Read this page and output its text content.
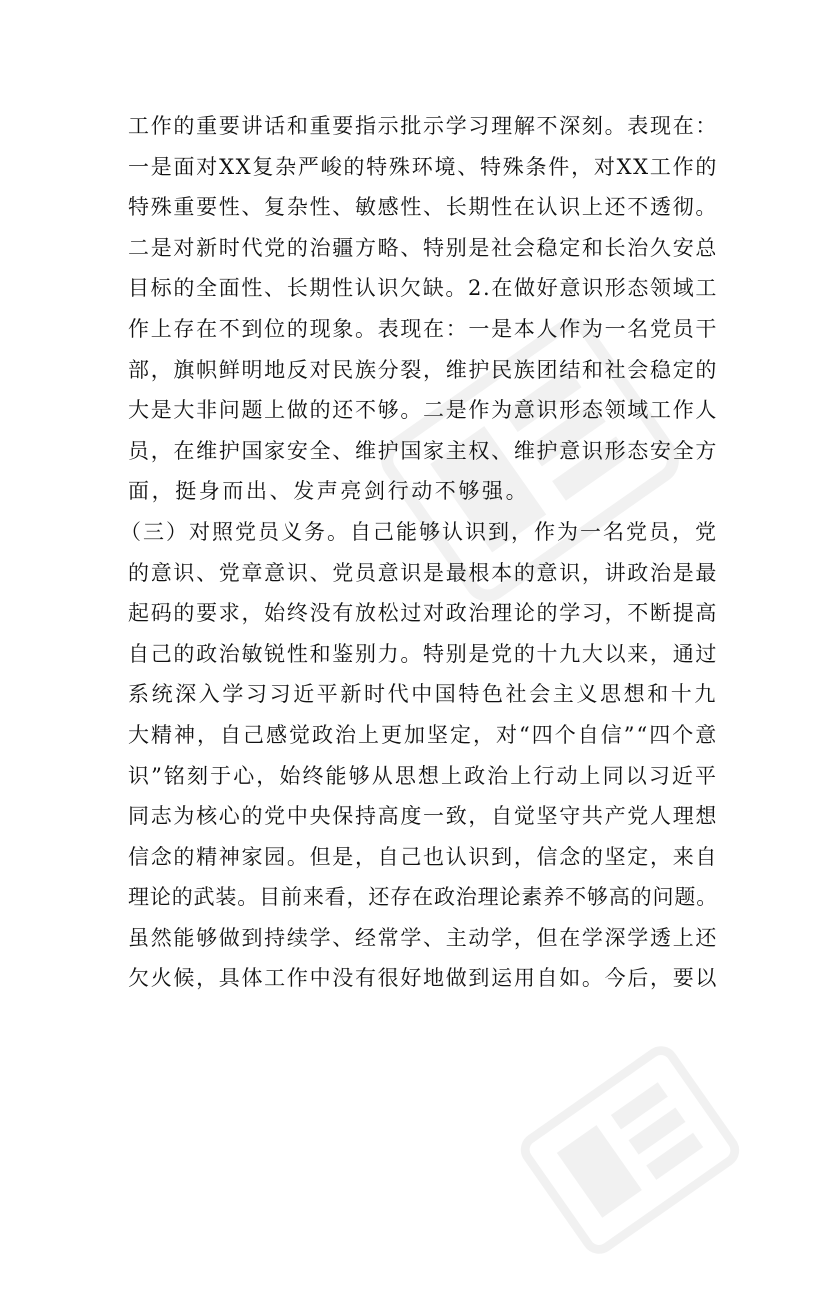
工作的重要讲话和重要指示批示学习理解不深刻。表现在：
一是面对XX复杂严峻的特殊环境、特殊条件，对XX工作的
特殊重要性、复杂性、敏感性、长期性在认识上还不透彻。
二是对新时代党的治疆方略、特别是社会稳定和长治久安总
目标的全面性、长期性认识欠缺。2.在做好意识形态领域工
作上存在不到位的现象。表现在：一是本人作为一名党员干
部，旗帜鲜明地反对民族分裂，维护民族团结和社会稳定的
大是大非问题上做的还不够。二是作为意识形态领域工作人
员，在维护国家安全、维护国家主权、维护意识形态安全方
面，挺身而出、发声亮剑行动不够强。
（三）对照党员义务。自己能够认识到，作为一名党员，党
的意识、党章意识、党员意识是最根本的意识，讲政治是最
起码的要求，始终没有放松过对政治理论的学习，不断提高
自己的政治敏锐性和鉴别力。特别是党的十九大以来，通过
系统深入学习习近平新时代中国特色社会主义思想和十九
大精神，自己感觉政治上更加坚定，对“四个自信”“四个意
识”铭刻于心，始终能够从思想上政治上行动上同以习近平
同志为核心的党中央保持高度一致，自觉坚守共产党人理想
信念的精神家园。但是，自己也认识到，信念的坚定，来自
理论的武装。目前来看，还存在政治理论素养不够高的问题。
虽然能够做到持续学、经常学、主动学，但在学深学透上还
欠火候，具体工作中没有很好地做到运用自如。今后，要以
